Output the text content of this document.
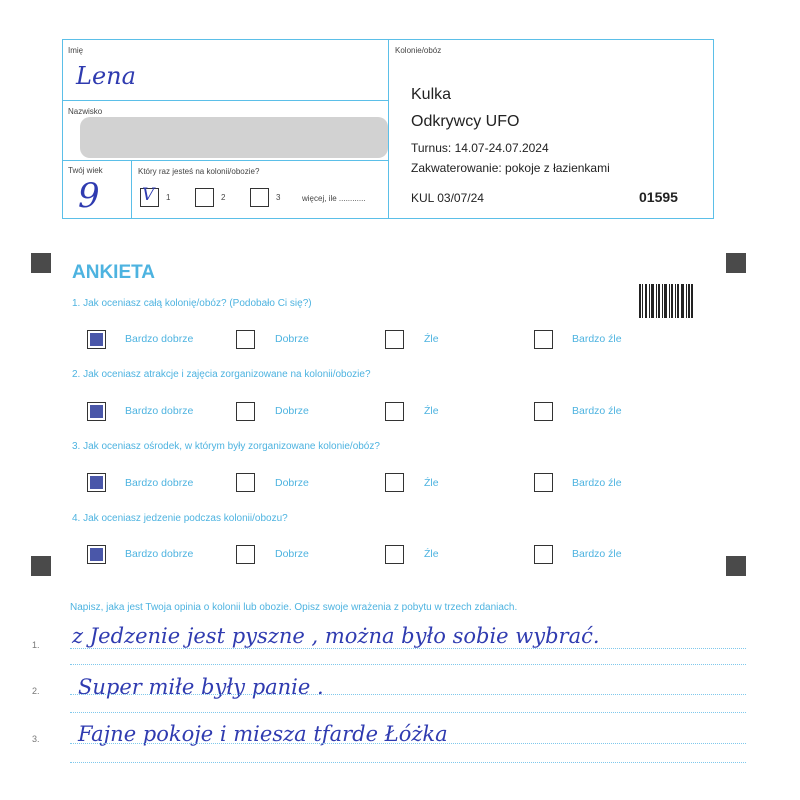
Imię
Lena
Nazwisko
Twój wiek
9
Który raz jesteś na kolonii/obozie?
V 1	2	3	więcej, ile ............
Kolonie/obóz
Kulka
Odkrywcy UFO
Turnus: 14.07-24.07.2024
Zakwaterowanie: pokoje z łazienkami
KUL 03/07/24	01595
ANKIETA
1. Jak oceniasz całą kolonię/obóz? (Podobało Ci się?)
Bardzo dobrze	Dobrze	Źle	Bardzo źle
2. Jak oceniasz atrakcje i zajęcia zorganizowane na kolonii/obozie?
Bardzo dobrze	Dobrze	Źle	Bardzo źle
3. Jak oceniasz ośrodek, w którym były zorganizowane kolonie/obóz?
Bardzo dobrze	Dobrze	Źle	Bardzo źle
4. Jak oceniasz jedzenie podczas kolonii/obozu?
Bardzo dobrze	Dobrze	Źle	Bardzo źle
Napisz, jaka jest Twoja opinia o kolonii lub obozie. Opisz swoje wrażenia z pobytu w trzech zdaniach.
1. z Jedzenie jest pyszne , można było sobie wybrać.
2. Super miłe były panie .
3. Fajne pokoje i miesza tfarde Łóżka
